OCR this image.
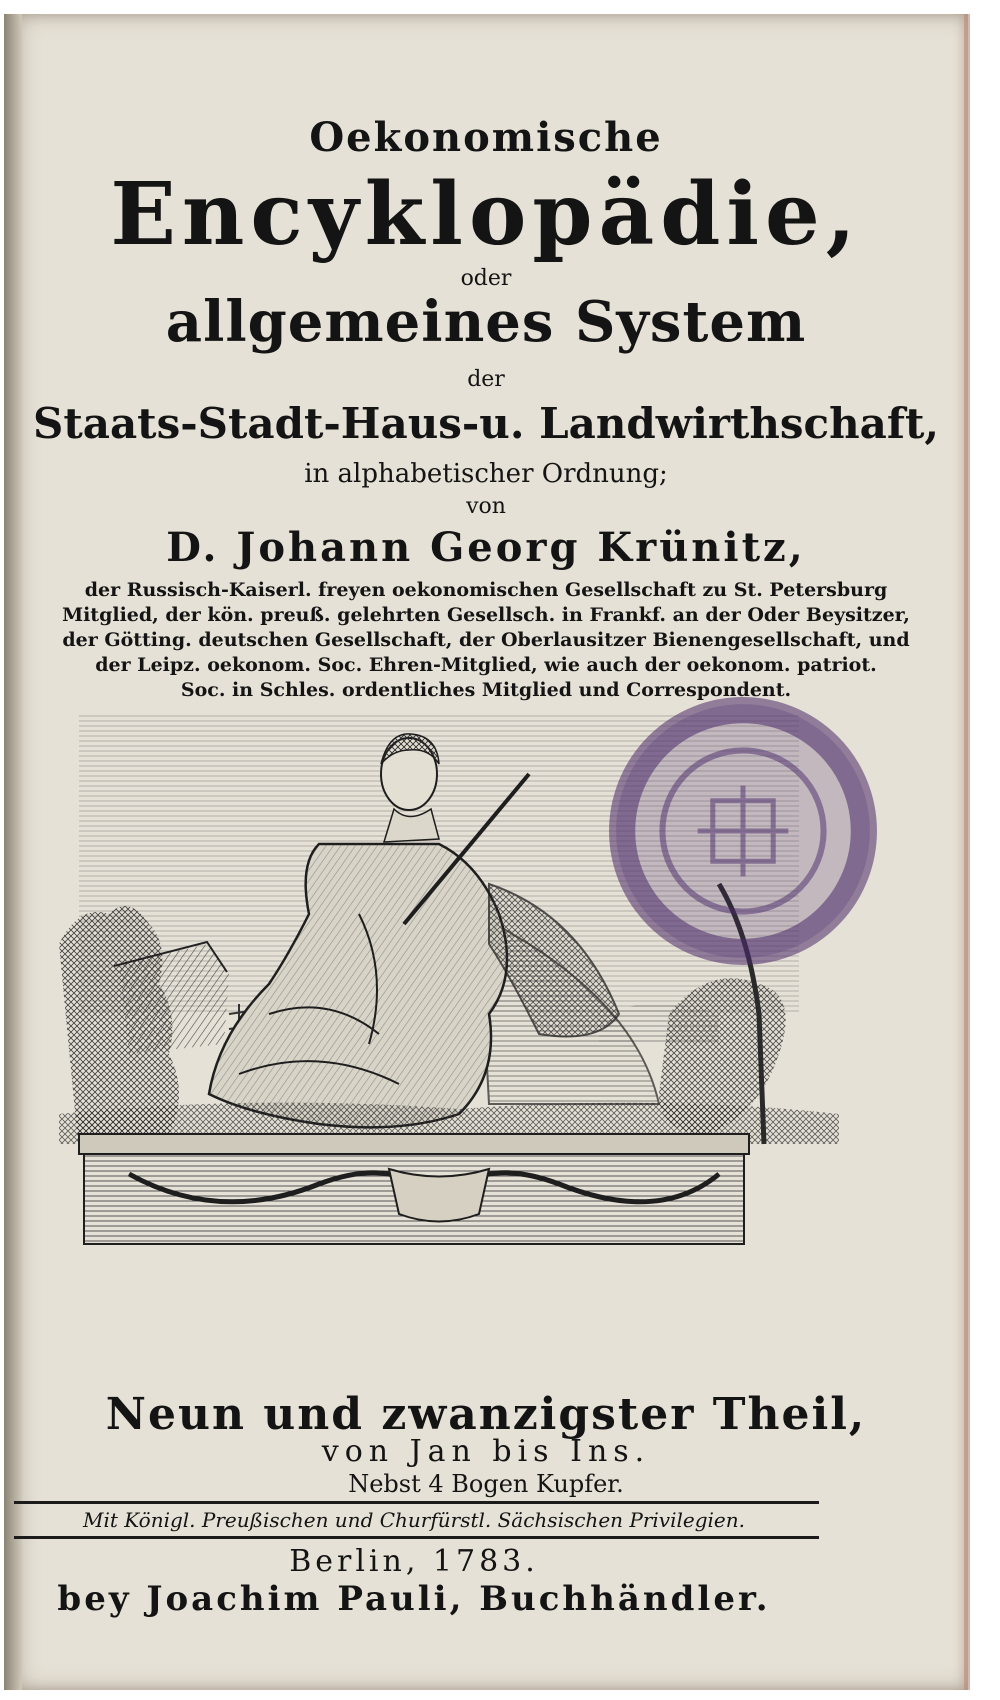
Oekonomische
Encyklopädie,
oder
allgemeines System
der
Staats-Stadt-Haus-u. Landwirthschaft,
in alphabetischer Ordnung;
von
D. Johann Georg Krünitz,
der Russisch-Kaiserl. freyen oekonomischen Gesellschaft zu St. Petersburg
Mitglied, der kön. preuß. gelehrten Gesellsch. in Frankf. an der Oder Beysitzer,
der Götting. deutschen Gesellschaft, der Oberlausitzer Bienengesellschaft, und
der Leipz. oekonom. Soc. Ehren-Mitglied, wie auch der oekonom. patriot.
Soc. in Schles. ordentliches Mitglied und Correspondent.
Neun und zwanzigster Theil,
von Jan bis Ins.
Nebst 4 Bogen Kupfer.
Mit Königl. Preußischen und Churfürstl. Sächsischen Privilegien.
Berlin, 1783.
bey Joachim Pauli, Buchhändler.
